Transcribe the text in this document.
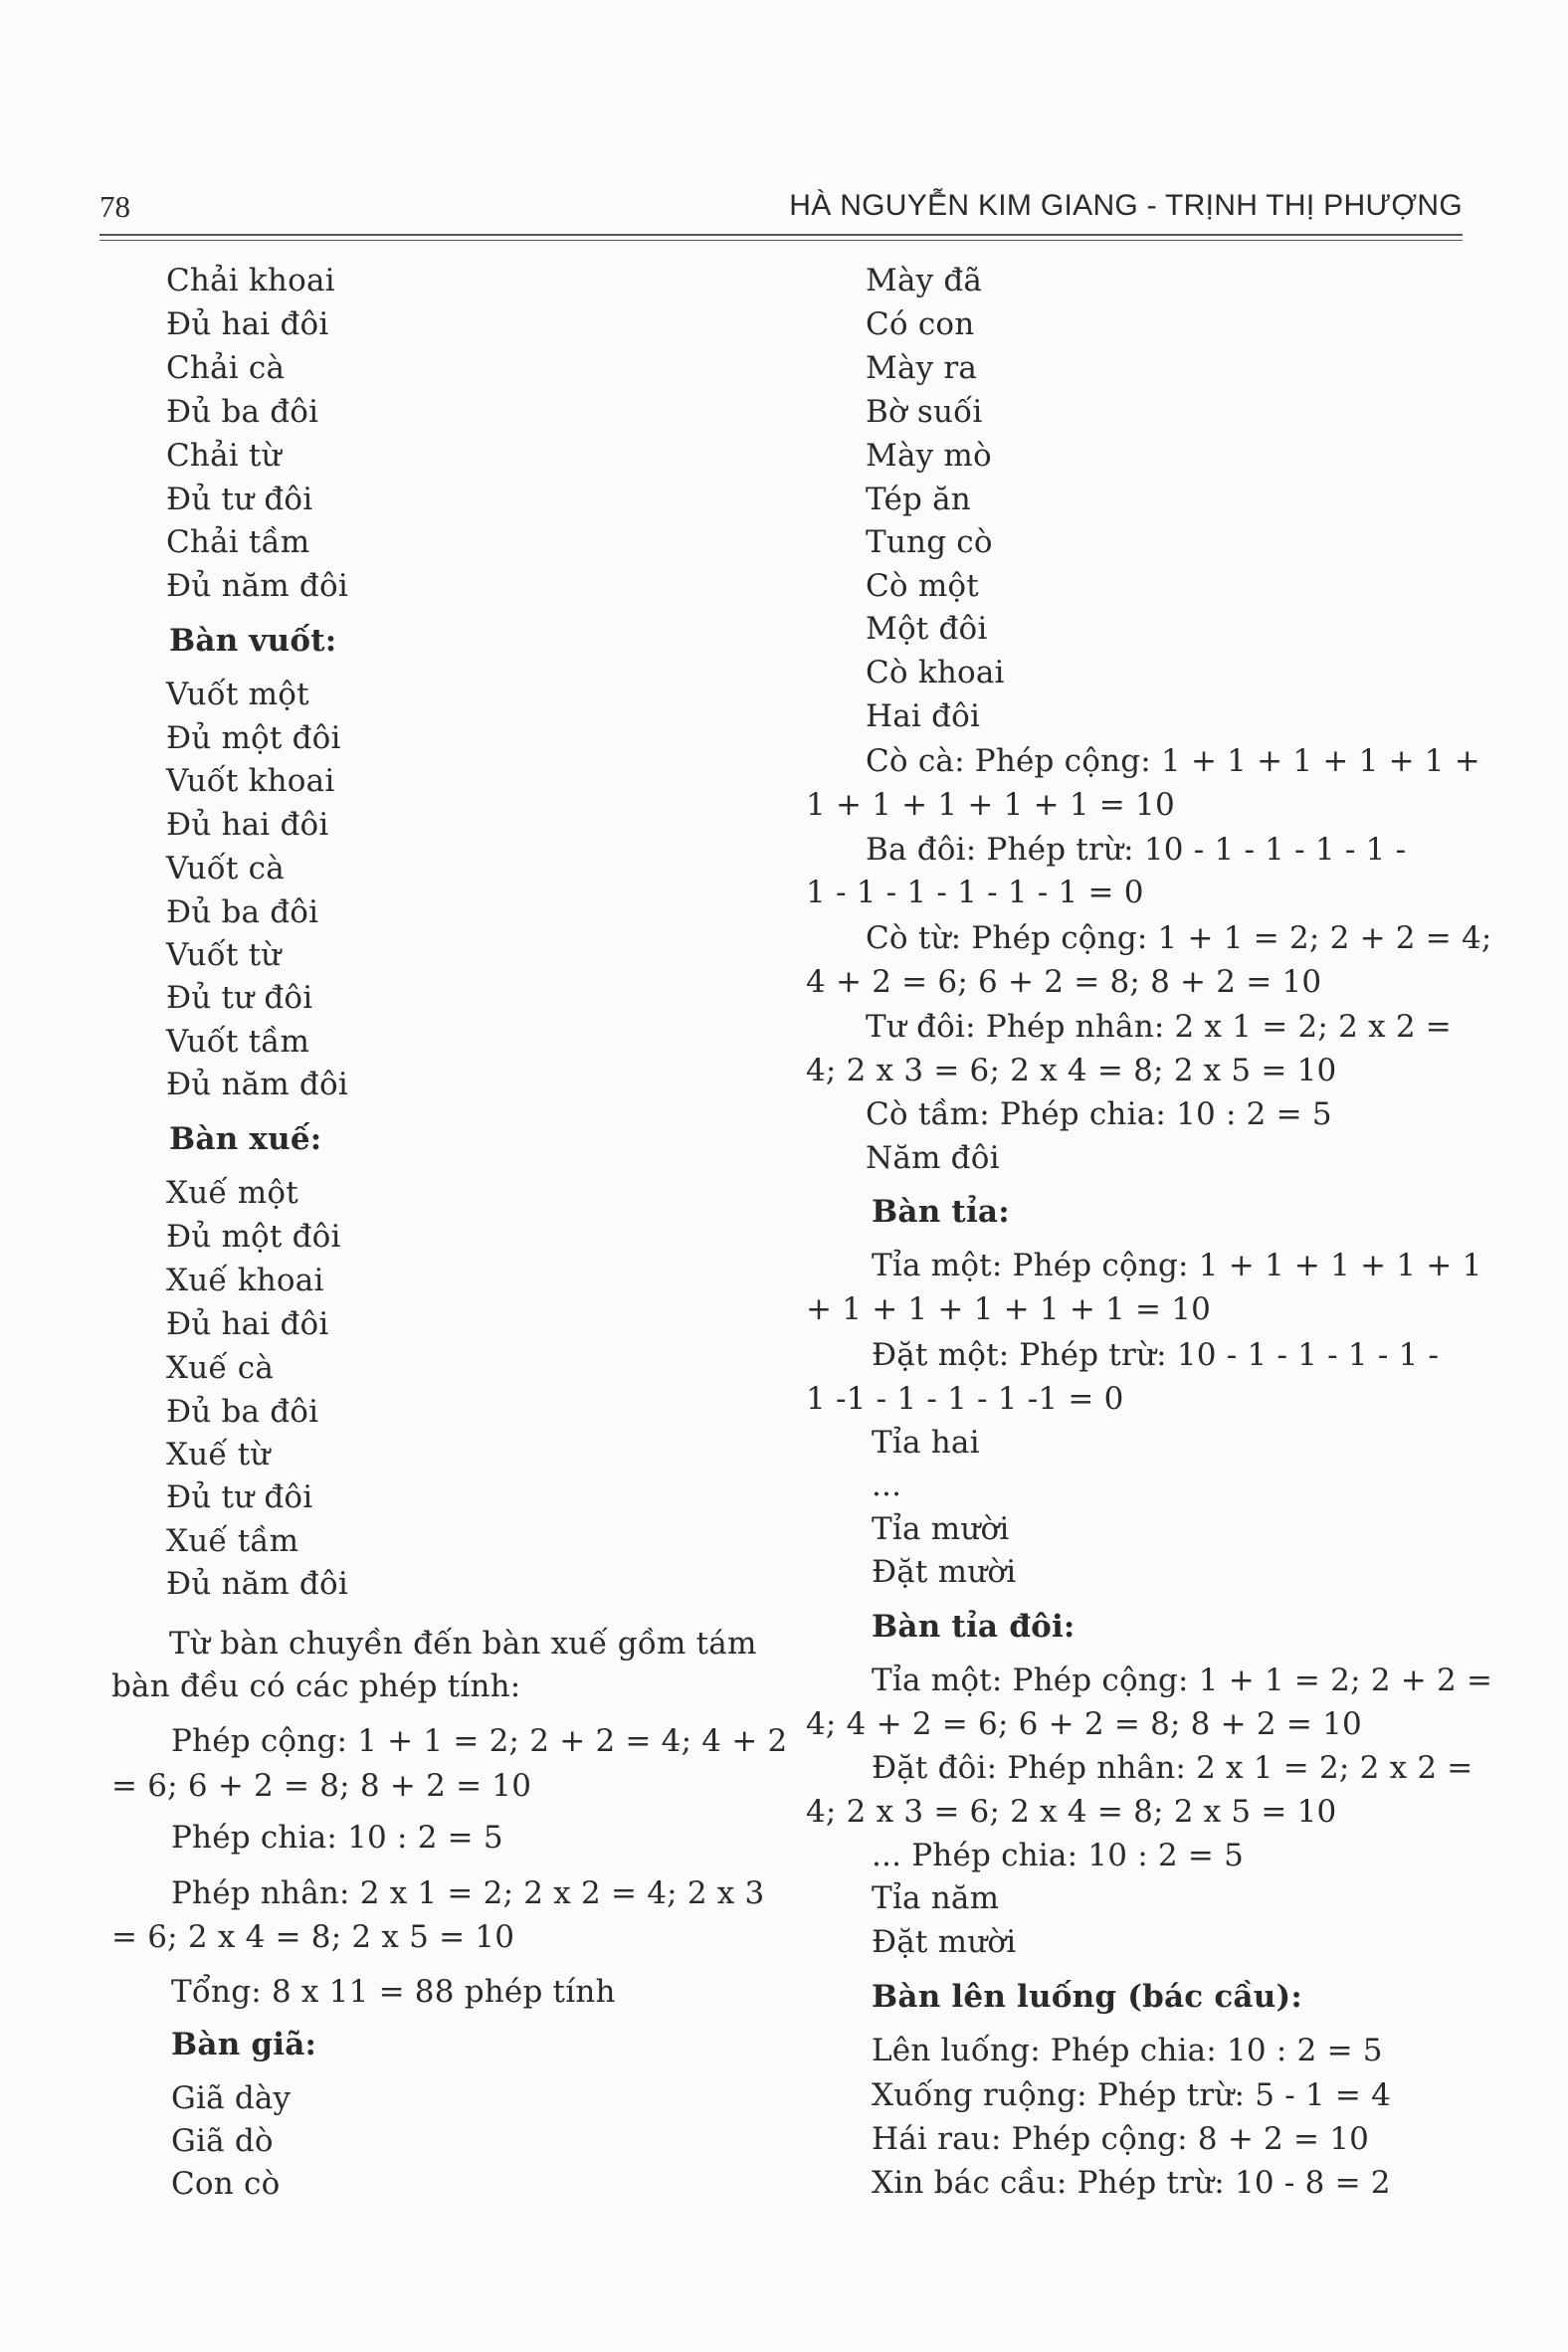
78	HÀ NGUYỄN KIM GIANG - TRỊNH THỊ PHƯỢNG
Chải khoai
Đủ hai đôi
Chải cà
Đủ ba đôi
Chải từ
Đủ tư đôi
Chải tầm
Đủ năm đôi
Bàn vuốt:
Vuốt một
Đủ một đôi
Vuốt khoai
Đủ hai đôi
Vuốt cà
Đủ ba đôi
Vuốt từ
Đủ tư đôi
Vuốt tầm
Đủ năm đôi
Bàn xuế:
Xuế một
Đủ một đôi
Xuế khoai
Đủ hai đôi
Xuế cà
Đủ ba đôi
Xuế từ
Đủ tư đôi
Xuế tầm
Đủ năm đôi
Từ bàn chuyền đến bàn xuế gồm tám
bàn đều có các phép tính:
Phép cộng: 1 + 1 = 2; 2 + 2 = 4; 4 + 2
= 6; 6 + 2 = 8; 8 + 2 = 10
Phép chia: 10 : 2 = 5
Phép nhân: 2 x 1 = 2; 2 x 2 = 4; 2 x 3
= 6; 2 x 4 = 8; 2 x 5 = 10
Tổng: 8 x 11 = 88 phép tính
Bàn giã:
Giã dày
Giã dò
Con cò
Mày đã
Có con
Mày ra
Bờ suối
Mày mò
Tép ăn
Tung cò
Cò một
Một đôi
Cò khoai
Hai đôi
Cò cà: Phép cộng: 1 + 1 + 1 + 1 + 1 +
1 + 1 + 1 + 1 + 1 = 10
Ba đôi: Phép trừ: 10 - 1 - 1 - 1 - 1 -
1 - 1 - 1 - 1 - 1 - 1 = 0
Cò từ: Phép cộng: 1 + 1 = 2; 2 + 2 = 4;
4 + 2 = 6; 6 + 2 = 8; 8 + 2 = 10
Tư đôi: Phép nhân: 2 x 1 = 2; 2 x 2 =
4; 2 x 3 = 6; 2 x 4 = 8; 2 x 5 = 10
Cò tầm: Phép chia: 10 : 2 = 5
Năm đôi
Bàn tỉa:
Tỉa một: Phép cộng: 1 + 1 + 1 + 1 + 1
+ 1 + 1 + 1 + 1 + 1 = 10
Đặt một: Phép trừ: 10 - 1 - 1 - 1 - 1 -
1 -1 - 1 - 1 - 1 -1 = 0
Tỉa hai
...
Tỉa mười
Đặt mười
Bàn tỉa đôi:
Tỉa một: Phép cộng: 1 + 1 = 2; 2 + 2 =
4; 4 + 2 = 6; 6 + 2 = 8; 8 + 2 = 10
Đặt đôi: Phép nhân: 2 x 1 = 2; 2 x 2 =
4; 2 x 3 = 6; 2 x 4 = 8; 2 x 5 = 10
... Phép chia: 10 : 2 = 5
Tỉa năm
Đặt mười
Bàn lên luống (bác cầu):
Lên luống: Phép chia: 10 : 2 = 5
Xuống ruộng: Phép trừ: 5 - 1 = 4
Hái rau: Phép cộng: 8 + 2 = 10
Xin bác cầu: Phép trừ: 10 - 8 = 2
